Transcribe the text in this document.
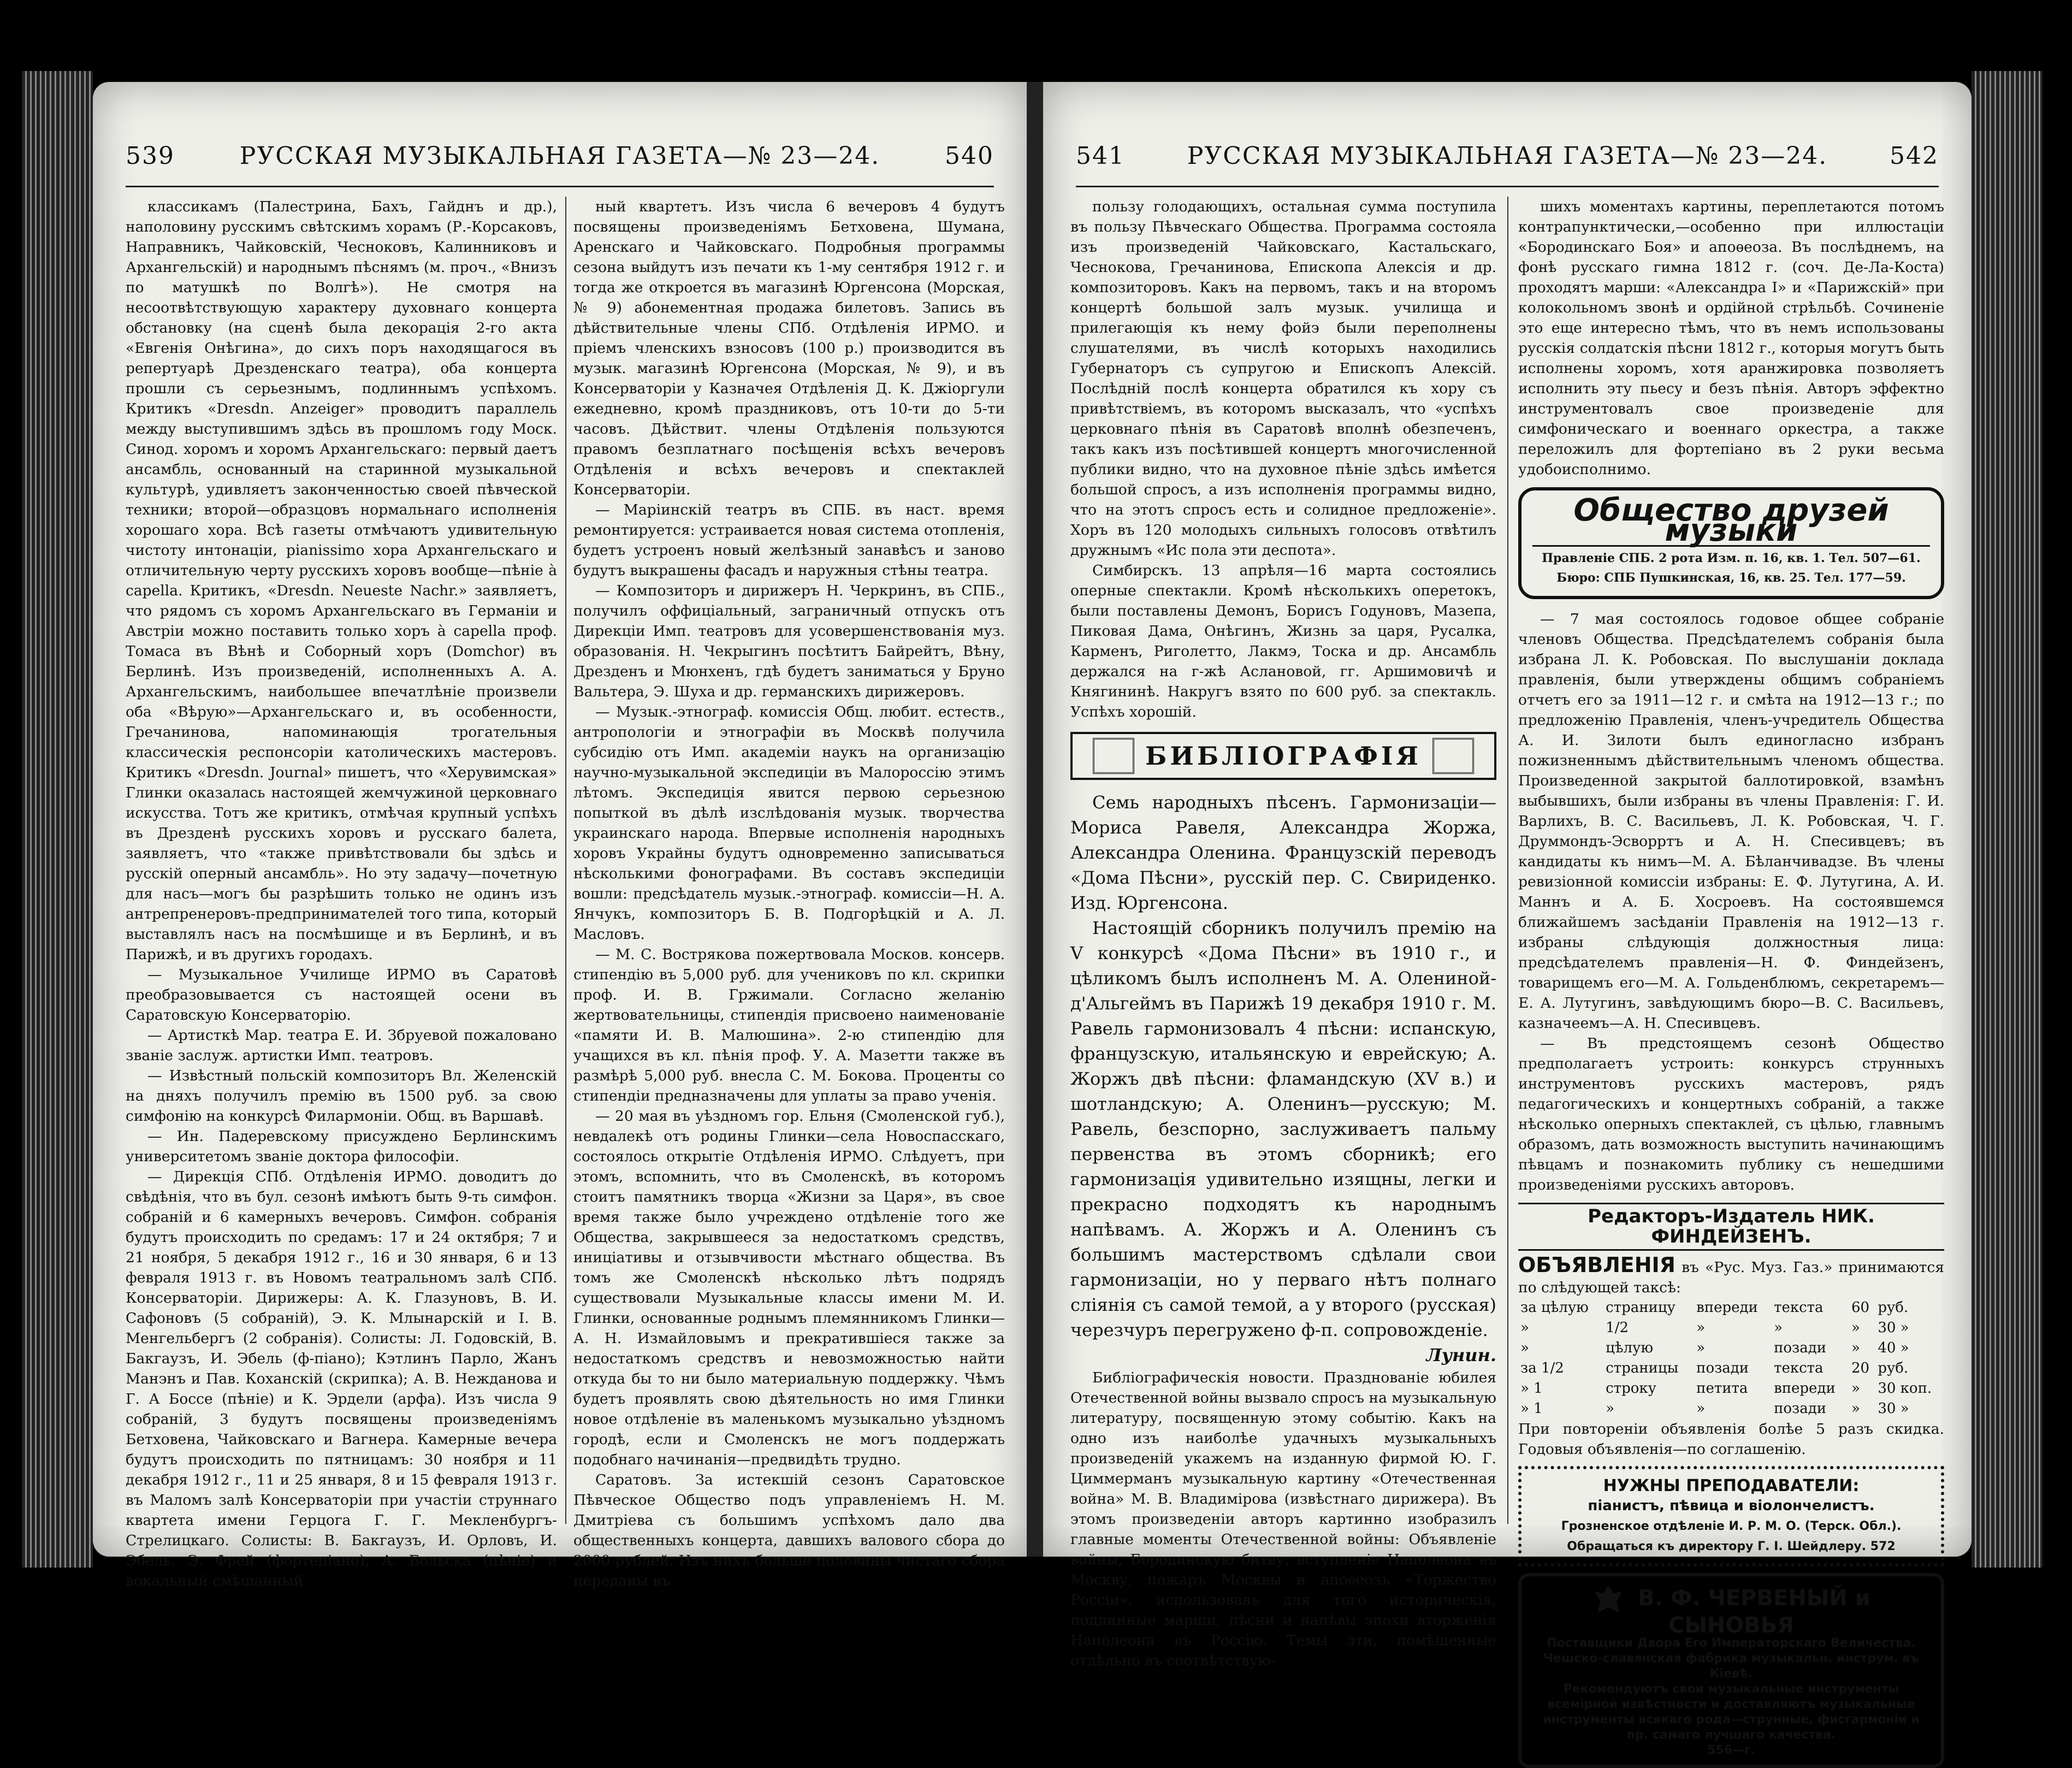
539	РУССКАЯ МУЗЫКАЛЬНАЯ ГАЗЕТА—№ 23—24.	540

классикамъ (Палестрина, Бахъ, Гайднъ и др.), наполовину русскимъ свѣтскимъ хорамъ (Р.-Корсаковъ, Направникъ, Чайковскій, Чесноковъ, Калинниковъ и Архангельскій) и народнымъ пѣснямъ (м. проч., «Внизъ по матушкѣ по Волгѣ»). Не смотря на несоотвѣтствующую характеру духовнаго концерта обстановку (на сценѣ была декорація 2-го акта «Евгенія Онѣгина», до сихъ поръ находящагося въ репертуарѣ Дрезденскаго театра), оба концерта прошли съ серьезнымъ, подлиннымъ успѣхомъ. Критикъ «Dresdn. Anzeiger» проводитъ параллель между выступившимъ здѣсь въ прошломъ году Моск. Синод. хоромъ и хоромъ Архангельскаго: первый даетъ ансамбль, основанный на старинной музыкальной культурѣ, удивляетъ законченностью своей пѣвческой техники; второй—образцовъ нормальнаго исполненія хорошаго хора. Всѣ газеты отмѣчаютъ удивительную чистоту интонаціи, pianissimo хора Архангельскаго и отличительную черту русскихъ хоровъ вообще—пѣніе à capella. Критикъ, «Dresdn. Neueste Nachr.» заявляетъ, что рядомъ съ хоромъ Архангельскаго въ Германіи и Австріи можно поставить только хоръ à capella проф. Томаса въ Вѣнѣ и Соборный хоръ (Domchor) въ Берлинѣ. Изъ произведеній, исполненныхъ А. А. Архангельскимъ, наибольшее впечатлѣніе произвели оба «Вѣрую»—Архангельскаго и, въ особенности, Гречанинова, напоминающія трогательныя классическія респонсоріи католическихъ мастеровъ. Критикъ «Dresdn. Journal» пишетъ, что «Херувимская» Глинки оказалась настоящей жемчужиной церковнаго искусства. Тотъ же критикъ, отмѣчая крупный успѣхъ въ Дрезденѣ русскихъ хоровъ и русскаго балета, заявляетъ, что «также привѣтствовали бы здѣсь и русскій оперный ансамбль». Но эту задачу—почетную для насъ—могъ бы разрѣшить только не одинъ изъ антрепренеровъ-предпринимателей того типа, который выставлялъ насъ на посмѣшище и въ Берлинѣ, и въ Парижѣ, и въ другихъ городахъ.

— Музыкальное Училище ИРМО въ Саратовѣ преобразовывается съ настоящей осени въ Саратовскую Консерваторію.

— Артисткѣ Мар. театра Е. И. Збруевой пожаловано званіе заслуж. артистки Имп. театровъ.

— Извѣстный польскій композиторъ Вл. Желенскій на дняхъ получилъ премію въ 1500 руб. за свою симфонію на конкурсѣ Филармоніи. Общ. въ Варшавѣ.

— Ин. Падеревскому присуждено Берлинскимъ университетомъ званіе доктора философіи.

— Дирекція СПб. Отдѣленія ИРМО. доводитъ до свѣдѣнія, что въ бул. сезонѣ имѣютъ быть 9-ть симфон. собраній и 6 камерныхъ вечеровъ. Симфон. собранія будутъ происходить по средамъ: 17 и 24 октября; 7 и 21 ноября, 5 декабря 1912 г., 16 и 30 января, 6 и 13 февраля 1913 г. въ Новомъ театральномъ залѣ СПб. Консерваторіи. Дирижеры: А. К. Глазуновъ, В. И. Сафоновъ (5 собраній), Э. К. Млынарскій и І. В. Менгельбергъ (2 собранія). Солисты: Л. Годовскій, В. Бакгаузъ, И. Эбель (ф-піано); Кэтлинъ Парло, Жанъ Манэнъ и Пав. Коханскій (скрипка); А. В. Неждановa и Г. А Боссе (пѣніе) и К. Эрдели (арфа). Изъ числа 9 собраній, 3 будутъ посвящены произведеніямъ Бетховена, Чайковскаго и Вагнера. Камерные вечера будутъ происходить по пятницамъ: 30 ноября и 11 декабря 1912 г., 11 и 25 января, 8 и 15 февраля 1913 г. въ Маломъ залѣ Консерваторіи при участіи струннаго квартета имени Герцога Г. Г. Мекленбургъ-Стрелицкаго. Солисты: В. Бакгаузъ, И. Орловъ, И. Эбель. Э. Фрей (фортепіано), А. Больска (пѣніе) и вокальный смѣшанный

ный квартетъ. Изъ числа 6 вечеровъ 4 будутъ посвящены произведеніямъ Бетховена, Шумана, Аренскаго и Чайковскаго. Подробныя программы сезона выйдутъ изъ печати къ 1-му сентября 1912 г. и тогда же откроется въ магазинѣ Юргенсона (Морская, № 9) абонементная продажа билетовъ. Запись въ дѣйствительные члены СПб. Отдѣленія ИРМО. и пріемъ членскихъ взносовъ (100 р.) производится въ музык. магазинѣ Юргенсона (Морская, № 9), и въ Консерваторіи у Казначея Отдѣленія Д. К. Джіоргули ежедневно, кромѣ праздниковъ, отъ 10-ти до 5-ти часовъ. Дѣйствит. члены Отдѣленія пользуются правомъ безплатнаго посѣщенія всѣхъ вечеровъ Отдѣленія и всѣхъ вечеровъ и спектаклей Консерваторіи.

— Маріинскій театръ въ СПБ. въ наст. время ремонтируется: устраивается новая система отопленія, будетъ устроенъ новый желѣзный занавѣсъ и заново будутъ выкрашены фасадъ и наружныя стѣны театра.

— Композиторъ и дирижеръ Н. Черкринъ, въ СПБ., получилъ оффиціальный, заграничный отпускъ отъ Дирекціи Имп. театровъ для усовершенствованія муз. образованія. Н. Чекрыгинъ посѣтитъ Байрейтъ, Вѣну, Дрезденъ и Мюнхенъ, гдѣ будетъ заниматься у Бруно Вальтера, Э. Шуха и др. германскихъ дирижеровъ.

— Музык.-этнограф. комиссія Общ. любит. естеств., антропологіи и этнографіи въ Москвѣ получила субсидію отъ Имп. академіи наукъ на организацію научно-музыкальной экспедиціи въ Малороссію этимъ лѣтомъ. Экспедиція явится первою серьезною попыткой въ дѣлѣ изслѣдованія музык. творчества украинскаго народа. Впервые исполненія народныхъ хоровъ Украйны будутъ одновременно записываться нѣсколькими фонографами. Въ составъ экспедиціи вошли: предсѣдатель музык.-этнограф. комиссіи—Н. А. Янчукъ, композиторъ Б. В. Подгорѣцкій и А. Л. Масловъ.

— М. С. Вострякова пожертвовала Москов. консерв. стипендію въ 5,000 руб. для учениковъ по кл. скрипки проф. И. В. Гржимали. Согласно желанію жертвовательницы, стипендія присвоено наименованіе «памяти И. В. Малюшина». 2-ю стипендію для учащихся въ кл. пѣнія проф. У. А. Мазетти также въ размѣрѣ 5,000 руб. внесла С. М. Бокова. Проценты со стипендіи предназначены для уплаты за право ученія.

— 20 мая въ уѣздномъ гор. Ельня (Смоленской губ.), невдалекѣ отъ родины Глинки—села Новоспасскаго, состоялось открытіе Отдѣленія ИРМО. Слѣдуетъ, при этомъ, вспомнить, что въ Смоленскѣ, въ которомъ стоитъ памятникъ творца «Жизни за Царя», въ свое время также было учреждено отдѣленіе того же Общества, закрывшееся за недостаткомъ средствъ, иниціативы и отзывчивости мѣстнаго общества. Въ томъ же Смоленскѣ нѣсколько лѣтъ подрядъ существовали Музыкальные классы имени М. И. Глинки, основанные роднымъ племянникомъ Глинки—А. Н. Измайловымъ и прекратившіеся также за недостаткомъ средствъ и невозможностью найти откуда бы то ни было материальную поддержку. Чѣмъ будетъ проявлять свою дѣятельность но имя Глинки новое отдѣленіе въ маленькомъ музыкально уѣздномъ городѣ, если и Смоленскъ не могъ поддержать подобнаго начинанія—предвидѣть трудно.

Саратовъ. За истекшій сезонъ Саратовское Пѣвческое Общество подъ управленіемъ Н. М. Дмитріева съ большимъ успѣхомъ дало два общественныхъ концерта, давшихъ валового сбора до 2000 рублей. Изъ нихъ больше половины чистаго сбора переданы въ

541	РУССКАЯ МУЗЫКАЛЬНАЯ ГАЗЕТА—№ 23—24.	542

пользу голодающихъ, остальная сумма поступила въ пользу Пѣвческаго Общества. Программа состояла изъ произведеній Чайковскаго, Кастальскаго, Чеснокова, Гречанинова, Епископа Алексія и др. композиторовъ. Какъ на первомъ, такъ и на второмъ концертѣ большой залъ музык. училища и прилегающія къ нему фойэ были переполнены слушателями, въ числѣ которыхъ находились Губернаторъ съ супругою и Епископъ Алексій. Послѣдній послѣ концерта обратился къ хору съ привѣтствіемъ, въ которомъ высказалъ, что «успѣхъ церковнаго пѣнія въ Саратовѣ вполнѣ обезпеченъ, такъ какъ изъ посѣтившей концертъ многочисленной публики видно, что на духовное пѣніе здѣсь имѣется большой спросъ, а изъ исполненія программы видно, что на этотъ спросъ есть и солидное предложеніе». Хоръ въ 120 молодыхъ сильныхъ голосовъ отвѣтилъ дружнымъ «Ис пола эти деспота».

Симбирскъ. 13 апрѣля—16 марта состоялись оперные спектакли. Кромѣ нѣсколькихъ оперетокъ, были поставлены Демонъ, Борисъ Годуновъ, Мазепа, Пиковая Дама, Онѣгинъ, Жизнь за царя, Русалка, Карменъ, Риголетто, Лакмэ, Тоска и др. Ансамбль держался на г-жѣ Аслановой, гг. Аршимовичѣ и Княгининѣ. Накругъ взято по 600 руб. за спектакль. Успѣхъ хорошій.

БИБЛІОГРАФІЯ

Семь народныхъ пѣсенъ. Гармонизаціи—Мориса Равеля, Александра Жоржа, Александра Оленина. Французскій переводъ «Дома Пѣсни», русскій пер. С. Свириденко. Изд. Юргенсона.

Настоящій сборникъ получилъ премію на V конкурсѣ «Дома Пѣсни» въ 1910 г., и цѣликомъ былъ исполненъ М. А. Олениной-д'Альгеймъ въ Парижѣ 19 декабря 1910 г. М. Равель гармонизовалъ 4 пѣсни: испанскую, французскую, итальянскую и еврейскую; А. Жоржъ двѣ пѣсни: фламандскую (XV в.) и шотландскую; А. Оленинъ—русскую; М. Равель, безспорно, заслуживаетъ пальму первенства въ этомъ сборникѣ; его гармонизація удивительно изящны, легки и прекрасно подходятъ къ народнымъ напѣвамъ. А. Жоржъ и А. Оленинъ съ большимъ мастерствомъ сдѣлали свои гармонизаціи, но у перваго нѣтъ полнаго сліянія съ самой темой, а у второго (русская) черезчуръ перегружено ф-п. сопровожденіе.

Лунин.

Библіографическія новости. Празднованіе юбилея Отечественной войны вызвало спросъ на музыкальную литературу, посвященную этому событію. Какъ на одно изъ наиболѣе удачныхъ музыкальныхъ произведеній укажемъ на изданную фирмой Ю. Г. Циммерманъ музыкальную картину «Отечественная война» М. В. Владимірова (извѣстнаго дирижера). Въ этомъ произведеніи авторъ картинно изобразилъ главные моменты Отечественной войны: Объявленіе войны, Бородинскую битву, вступленіе Наполеона въ Москву, пожаръ Москвы и апоѳеозъ «Торжество Россіи», использовавъ для того историческія, подлинные марши, пѣсни и напѣвы эпохи вторженія Наполеона въ Россію. Темы эти, помѣщенные отдѣльно въ соотвѣтствую-

шихъ моментахъ картины, переплетаются потомъ контрапунктически,—особенно при иллюстаціи «Бородинскаго Боя» и апоѳеоза. Въ послѣднемъ, на фонѣ русскаго гимна 1812 г. (соч. Де-Ла-Коста) проходятъ марши: «Александра I» и «Парижскій» при колокольномъ звонѣ и ордійной стрѣльбѣ. Сочиненіе это еще интересно тѣмъ, что въ немъ использованы русскія солдатскія пѣсни 1812 г., которыя могутъ быть исполнены хоромъ, хотя аранжировка позволяетъ исполнить эту пьесу и безъ пѣнія. Авторъ эффектно инструментовалъ свое произведеніе для симфоническаго и военнаго оркестра, а также переложилъ для фортепіано въ 2 руки весьма удобоисполнимо.

Общество друзей музыки
Правленіе СПБ. 2 рота Изм. п. 16, кв. 1. Тел. 507—61.
Бюро: СПБ Пушкинская, 16, кв. 25. Тел. 177—59.

— 7 мая состоялось годовое общее собраніе членовъ Общества. Предсѣдателемъ собранія была избрана Л. К. Робовская. По выслушаніи доклада правленія, были утверждены общимъ собраніемъ отчетъ его за 1911—12 г. и смѣта на 1912—13 г.; по предложенію Правленія, членъ-учредитель Общества А. И. Зилоти былъ единогласно избранъ пожизненнымъ дѣйствительнымъ членомъ общества. Произведенной закрытой баллотировкой, взамѣнъ выбывшихъ, были избраны въ члены Правленія: Г. И. Варлихъ, В. С. Васильевъ, Л. К. Робовская, Ч. Г. Друммондъ-Эсворртъ и А. Н. Спесивцевъ; въ кандидаты къ нимъ—М. А. Бѣланчивадзе. Въ члены ревизіонной комиссіи избраны: Е. Ф. Лутугина, А. И. Маннъ и А. Б. Хосроевъ. На состоявшемся ближайшемъ засѣданіи Правленія на 1912—13 г. избраны слѣдующія должностныя лица: предсѣдателемъ правленія—Н. Ф. Финдейзенъ, товарищемъ его—М. А. Гольденблюмъ, секретаремъ—Е. А. Лутугинъ, завѣдующимъ бюро—В. С. Васильевъ, казначеемъ—А. Н. Спесивцевъ.

— Въ предстоящемъ сезонѣ Общество предполагаетъ устроить: конкурсъ струнныхъ инструментовъ русскихъ мастеровъ, рядъ педагогическихъ и концертныхъ собраній, а также нѣсколько оперныхъ спектаклей, съ цѣлью, главнымъ образомъ, дать возможность выступить начинающимъ пѣвцамъ и познакомить публику съ нешедшими произведеніями русскихъ авторовъ.

Редакторъ-Издатель НИК. ФИНДЕЙЗЕНЪ.
ОБЪЯВЛЕНІЯ въ «Рус. Муз. Газ.» принимаются по слѣдующей таксѣ:
за цѣлую	страницу	впереди	текста	60	руб.
»	1/2	»	»	»	30 »
»	цѣлую	»	позади	»	40 »
за 1/2	страницы	позади	текста	20	руб.
» 1	строку	петита	впереди	»	30 коп.
» 1	»	»	позади	»	30 »
При повтореніи объявленія болѣе 5 разъ скидка. Годовыя объявленія—по соглашенію.
НУЖНЫ ПРЕПОДАВАТЕЛИ:
піанистъ, пѣвица и віолончелистъ.
Грозненское отдѣленіе И. Р. М. О. (Терск. Обл.).
Обращаться къ директору Г. І. Шейдлеру. 572
В. Ф. ЧЕРВЕНЫЙ и СЫНОВЬЯ
Поставщики Двора Его Императорскаго Величества.
Чешско-славянская фабрика музыкальн. инструм. въ Кіевѣ.
Рекомендуютъ свои музыкальные инструменты всемірной извѣстности и доставляютъ музыкальные инструменты всякаго рода—струнные, фисгармоніи и пр. самаго лучшаго качества.
556—г.
